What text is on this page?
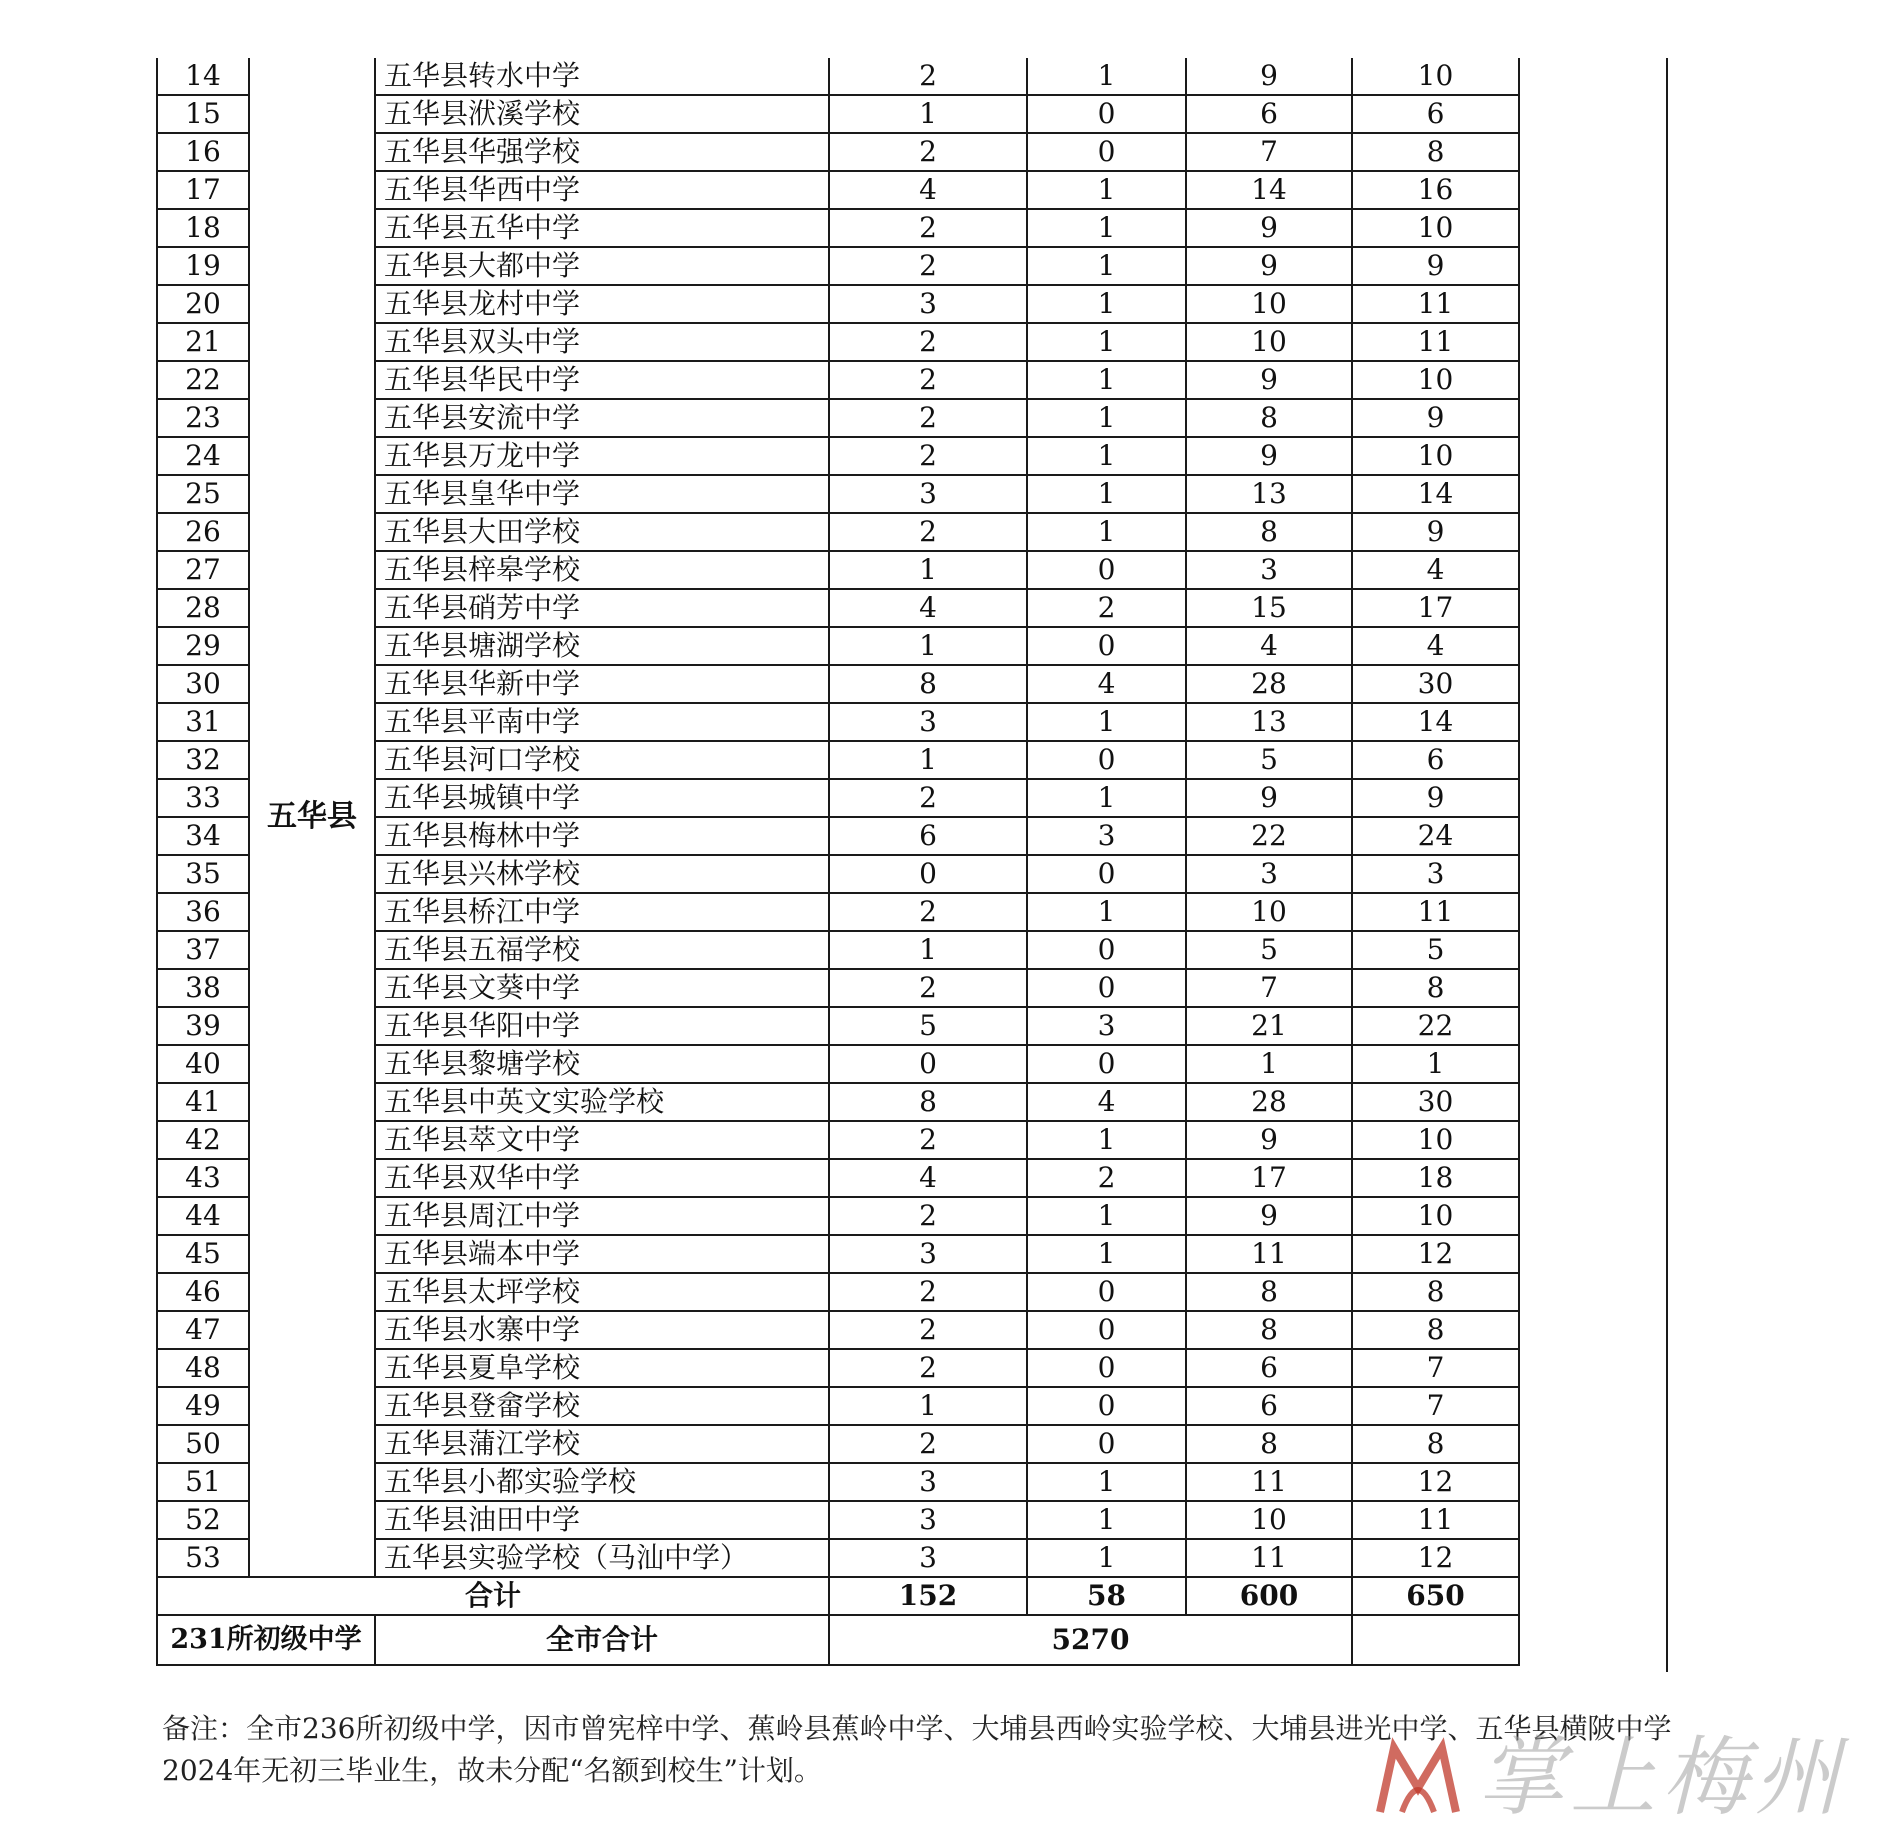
14	五华县	五华县转水中学	2	1	9	10
15		五华县洑溪学校	1	0	6	6
16		五华县华强学校	2	0	7	8
17		五华县华西中学	4	1	14	16
18		五华县五华中学	2	1	9	10
19		五华县大都中学	2	1	9	9
20		五华县龙村中学	3	1	10	11
21		五华县双头中学	2	1	10	11
22		五华县华民中学	2	1	9	10
23		五华县安流中学	2	1	8	9
24		五华县万龙中学	2	1	9	10
25		五华县皇华中学	3	1	13	14
26		五华县大田学校	2	1	8	9
27		五华县梓皋学校	1	0	3	4
28		五华县硝芳中学	4	2	15	17
29		五华县塘湖学校	1	0	4	4
30		五华县华新中学	8	4	28	30
31		五华县平南中学	3	1	13	14
32		五华县河口学校	1	0	5	6
33		五华县城镇中学	2	1	9	9
34		五华县梅林中学	6	3	22	24
35		五华县兴林学校	0	0	3	3
36		五华县桥江中学	2	1	10	11
37		五华县五福学校	1	0	5	5
38		五华县文葵中学	2	0	7	8
39		五华县华阳中学	5	3	21	22
40		五华县黎塘学校	0	0	1	1
41		五华县中英文实验学校	8	4	28	30
42		五华县萃文中学	2	1	9	10
43		五华县双华中学	4	2	17	18
44		五华县周江中学	2	1	9	10
45		五华县端本中学	3	1	11	12
46		五华县太坪学校	2	0	8	8
47		五华县水寨中学	2	0	8	8
48		五华县夏阜学校	2	0	6	7
49		五华县登畲学校	1	0	6	7
50		五华县蒲江学校	2	0	8	8
51		五华县小都实验学校	3	1	11	12
52		五华县油田中学	3	1	10	11
53		五华县实验学校（马汕中学）	3	1	11	12
合计			152	58	600	650
231所初级中学		全市合计	5270			
备注：全市236所初级中学，因市曾宪梓中学、蕉岭县蕉岭中学、大埔县西岭实验学校、大埔县进光中学、五华县横陂中学2024年无初三毕业生，故未分配“名额到校生”计划。	掌上梅州
